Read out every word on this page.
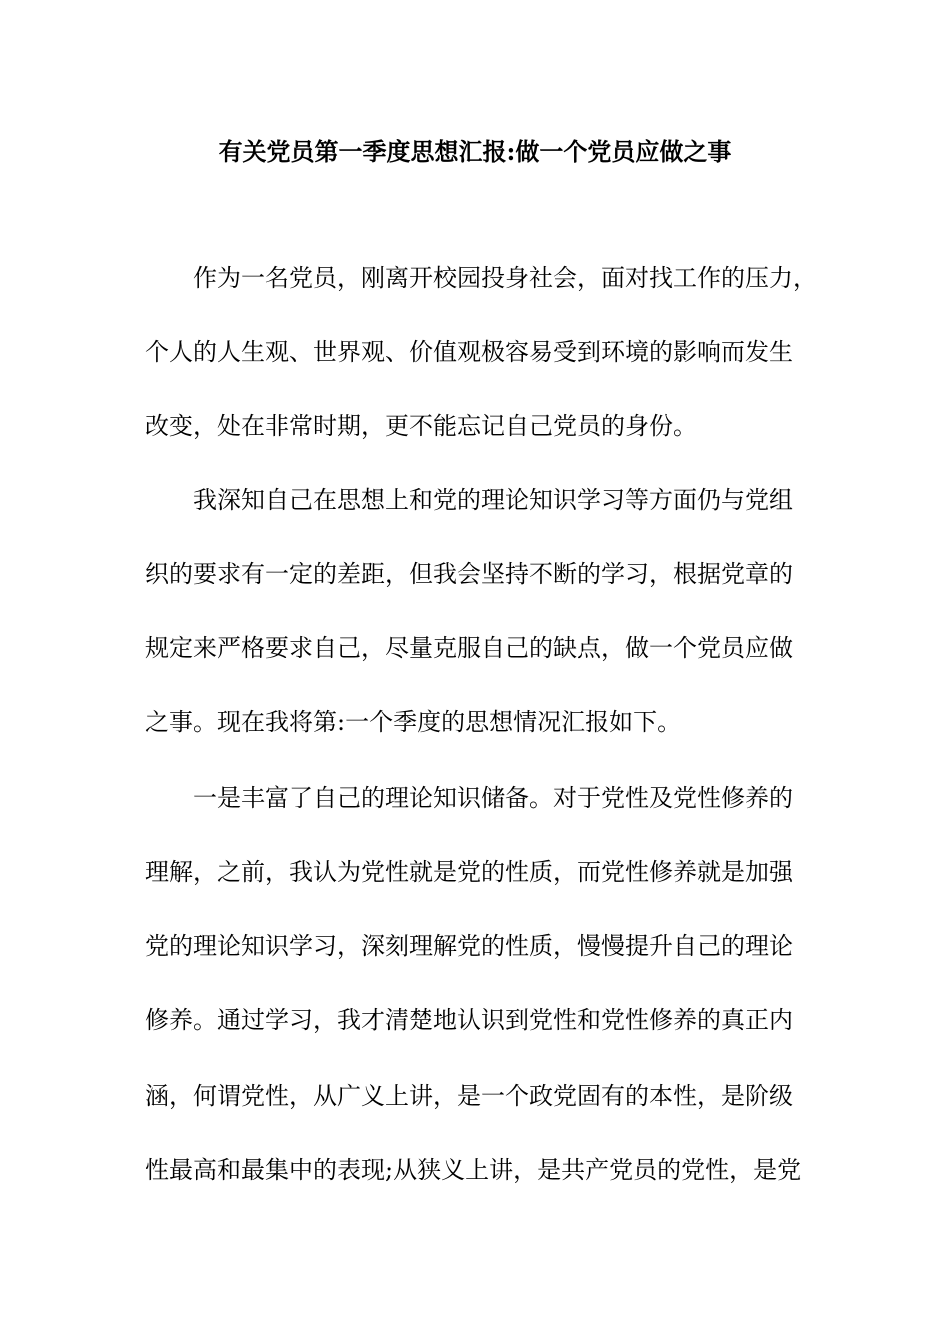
有关党员第一季度思想汇报:做一个党员应做之事
作为一名党员，刚离开校园投身社会，面对找工作的压力，
个人的人生观、世界观、价值观极容易受到环境的影响而发生
改变，处在非常时期，更不能忘记自己党员的身份。
我深知自己在思想上和党的理论知识学习等方面仍与党组
织的要求有一定的差距，但我会坚持不断的学习，根据党章的
规定来严格要求自己，尽量克服自己的缺点，做一个党员应做
之事。现在我将第:一个季度的思想情况汇报如下。
一是丰富了自己的理论知识储备。对于党性及党性修养的
理解，之前，我认为党性就是党的性质，而党性修养就是加强
党的理论知识学习，深刻理解党的性质，慢慢提升自己的理论
修养。通过学习，我才清楚地认识到党性和党性修养的真正内
涵，何谓党性，从广义上讲，是一个政党固有的本性，是阶级
性最高和最集中的表现;从狭义上讲，是共产党员的党性，是党
